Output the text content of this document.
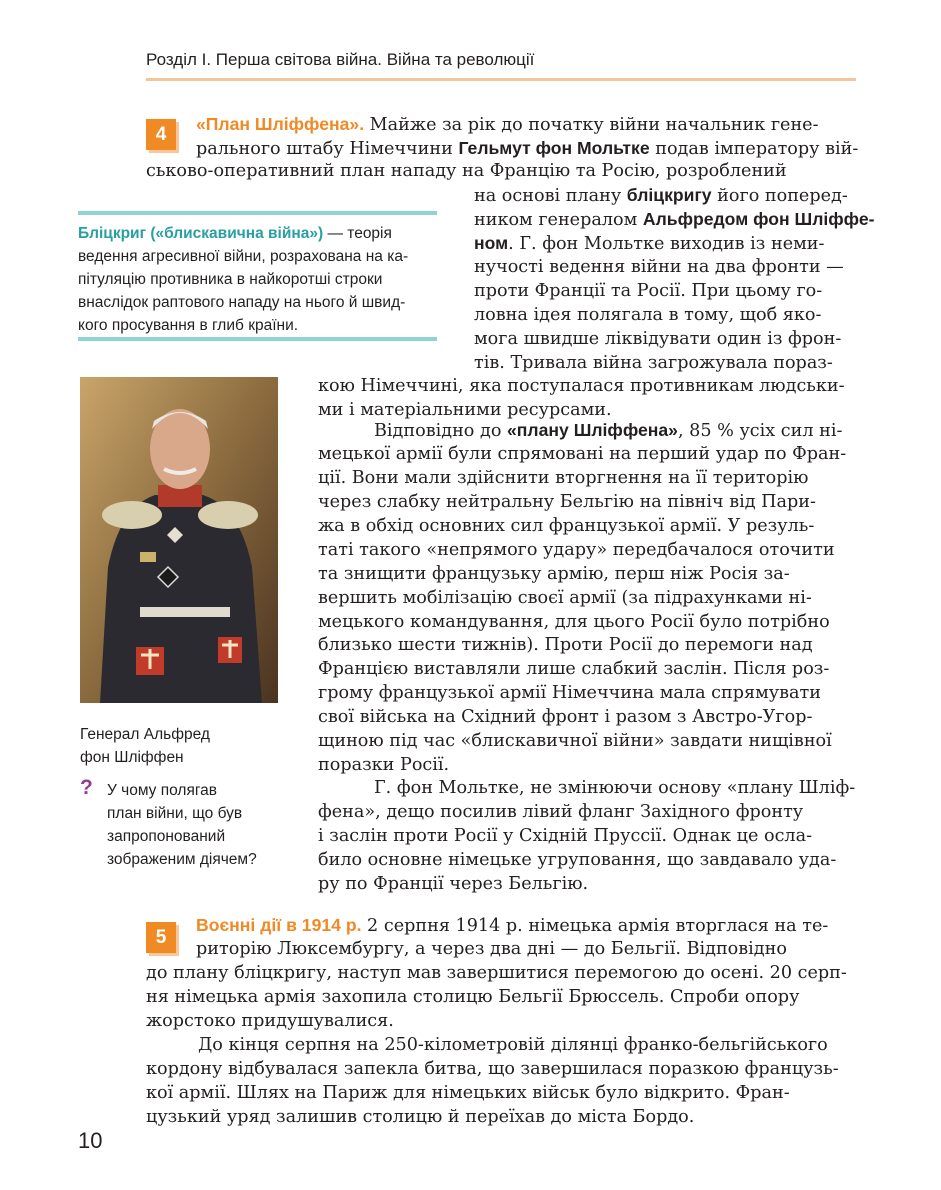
Розділ I. Перша світова війна. Війна та революції
4	«План Шліффена». Майже за рік до початку війни начальник гене-
рального штабу Німеччини Гельмут фон Мольтке подав імператору вій-
ськово-оперативний план нападу на Францію та Росію, розроблений
на основі плану бліцкригу його поперед-
ником генералом Альфредом фон Шліффе-
ном. Г. фон Мольтке виходив із неми-
нучості ведення війни на два фронти —
проти Франції та Росії. При цьому го-
ловна ідея полягала в тому, щоб яко-
мога швидше ліквідувати один із фрон-
тів. Тривала війна загрожувала пораз-
кою Німеччині, яка поступалася противникам людськи-
ми і матеріальними ресурсами.
Бліцкриг («блискавична війна») — теорія
ведення агресивної війни, розрахована на ка-
пітуляцію противника в найкоротші строки
внаслідок раптового нападу на нього й швид-
кого просування в глиб країни.
Генерал Альфред
фон Шліффен
? У чому полягав
план війни, що був
запропонований
зображеним діячем?
Відповідно до «плану Шліффена», 85 % усіх сил ні-
мецької армії були спрямовані на перший удар по Фран-
ції. Вони мали здійснити вторгнення на її територію
через слабку нейтральну Бельгію на північ від Пари-
жа в обхід основних сил французької армії. У резуль-
таті такого «непрямого удару» передбачалося оточити
та знищити французьку армію, перш ніж Росія за-
вершить мобілізацію своєї армії (за підрахунками ні-
мецького командування, для цього Росії було потрібно
близько шести тижнів). Проти Росії до перемоги над
Францією виставляли лише слабкий заслін. Після роз-
грому французької армії Німеччина мала спрямувати
свої війська на Східний фронт і разом з Австро-Угор-
щиною під час «блискавичної війни» завдати нищівної
поразки Росії.
Г. фон Мольтке, не змінюючи основу «плану Шліф-
фена», дещо посилив лівий фланг Західного фронту
і заслін проти Росії у Східній Пруссії. Однак це осла-
било основне німецьке угруповання, що завдавало уда-
ру по Франції через Бельгію.
5
Воєнні дії в 1914 р. 2 серпня 1914 р. німецька армія вторглася на те-
риторію Люксембургу, а через два дні — до Бельгії. Відповідно
до плану бліцкригу, наступ мав завершитися перемогою до осені. 20 серп-
ня німецька армія захопила столицю Бельгії Брюссель. Спроби опору
жорстоко придушувалися.
До кінця серпня на 250-кілометровій ділянці франко-бельгійського
кордону відбувалася запекла битва, що завершилася поразкою французь-
кої армії. Шлях на Париж для німецьких військ було відкрито. Фран-
цузький уряд залишив столицю й переїхав до міста Бордо.
10
